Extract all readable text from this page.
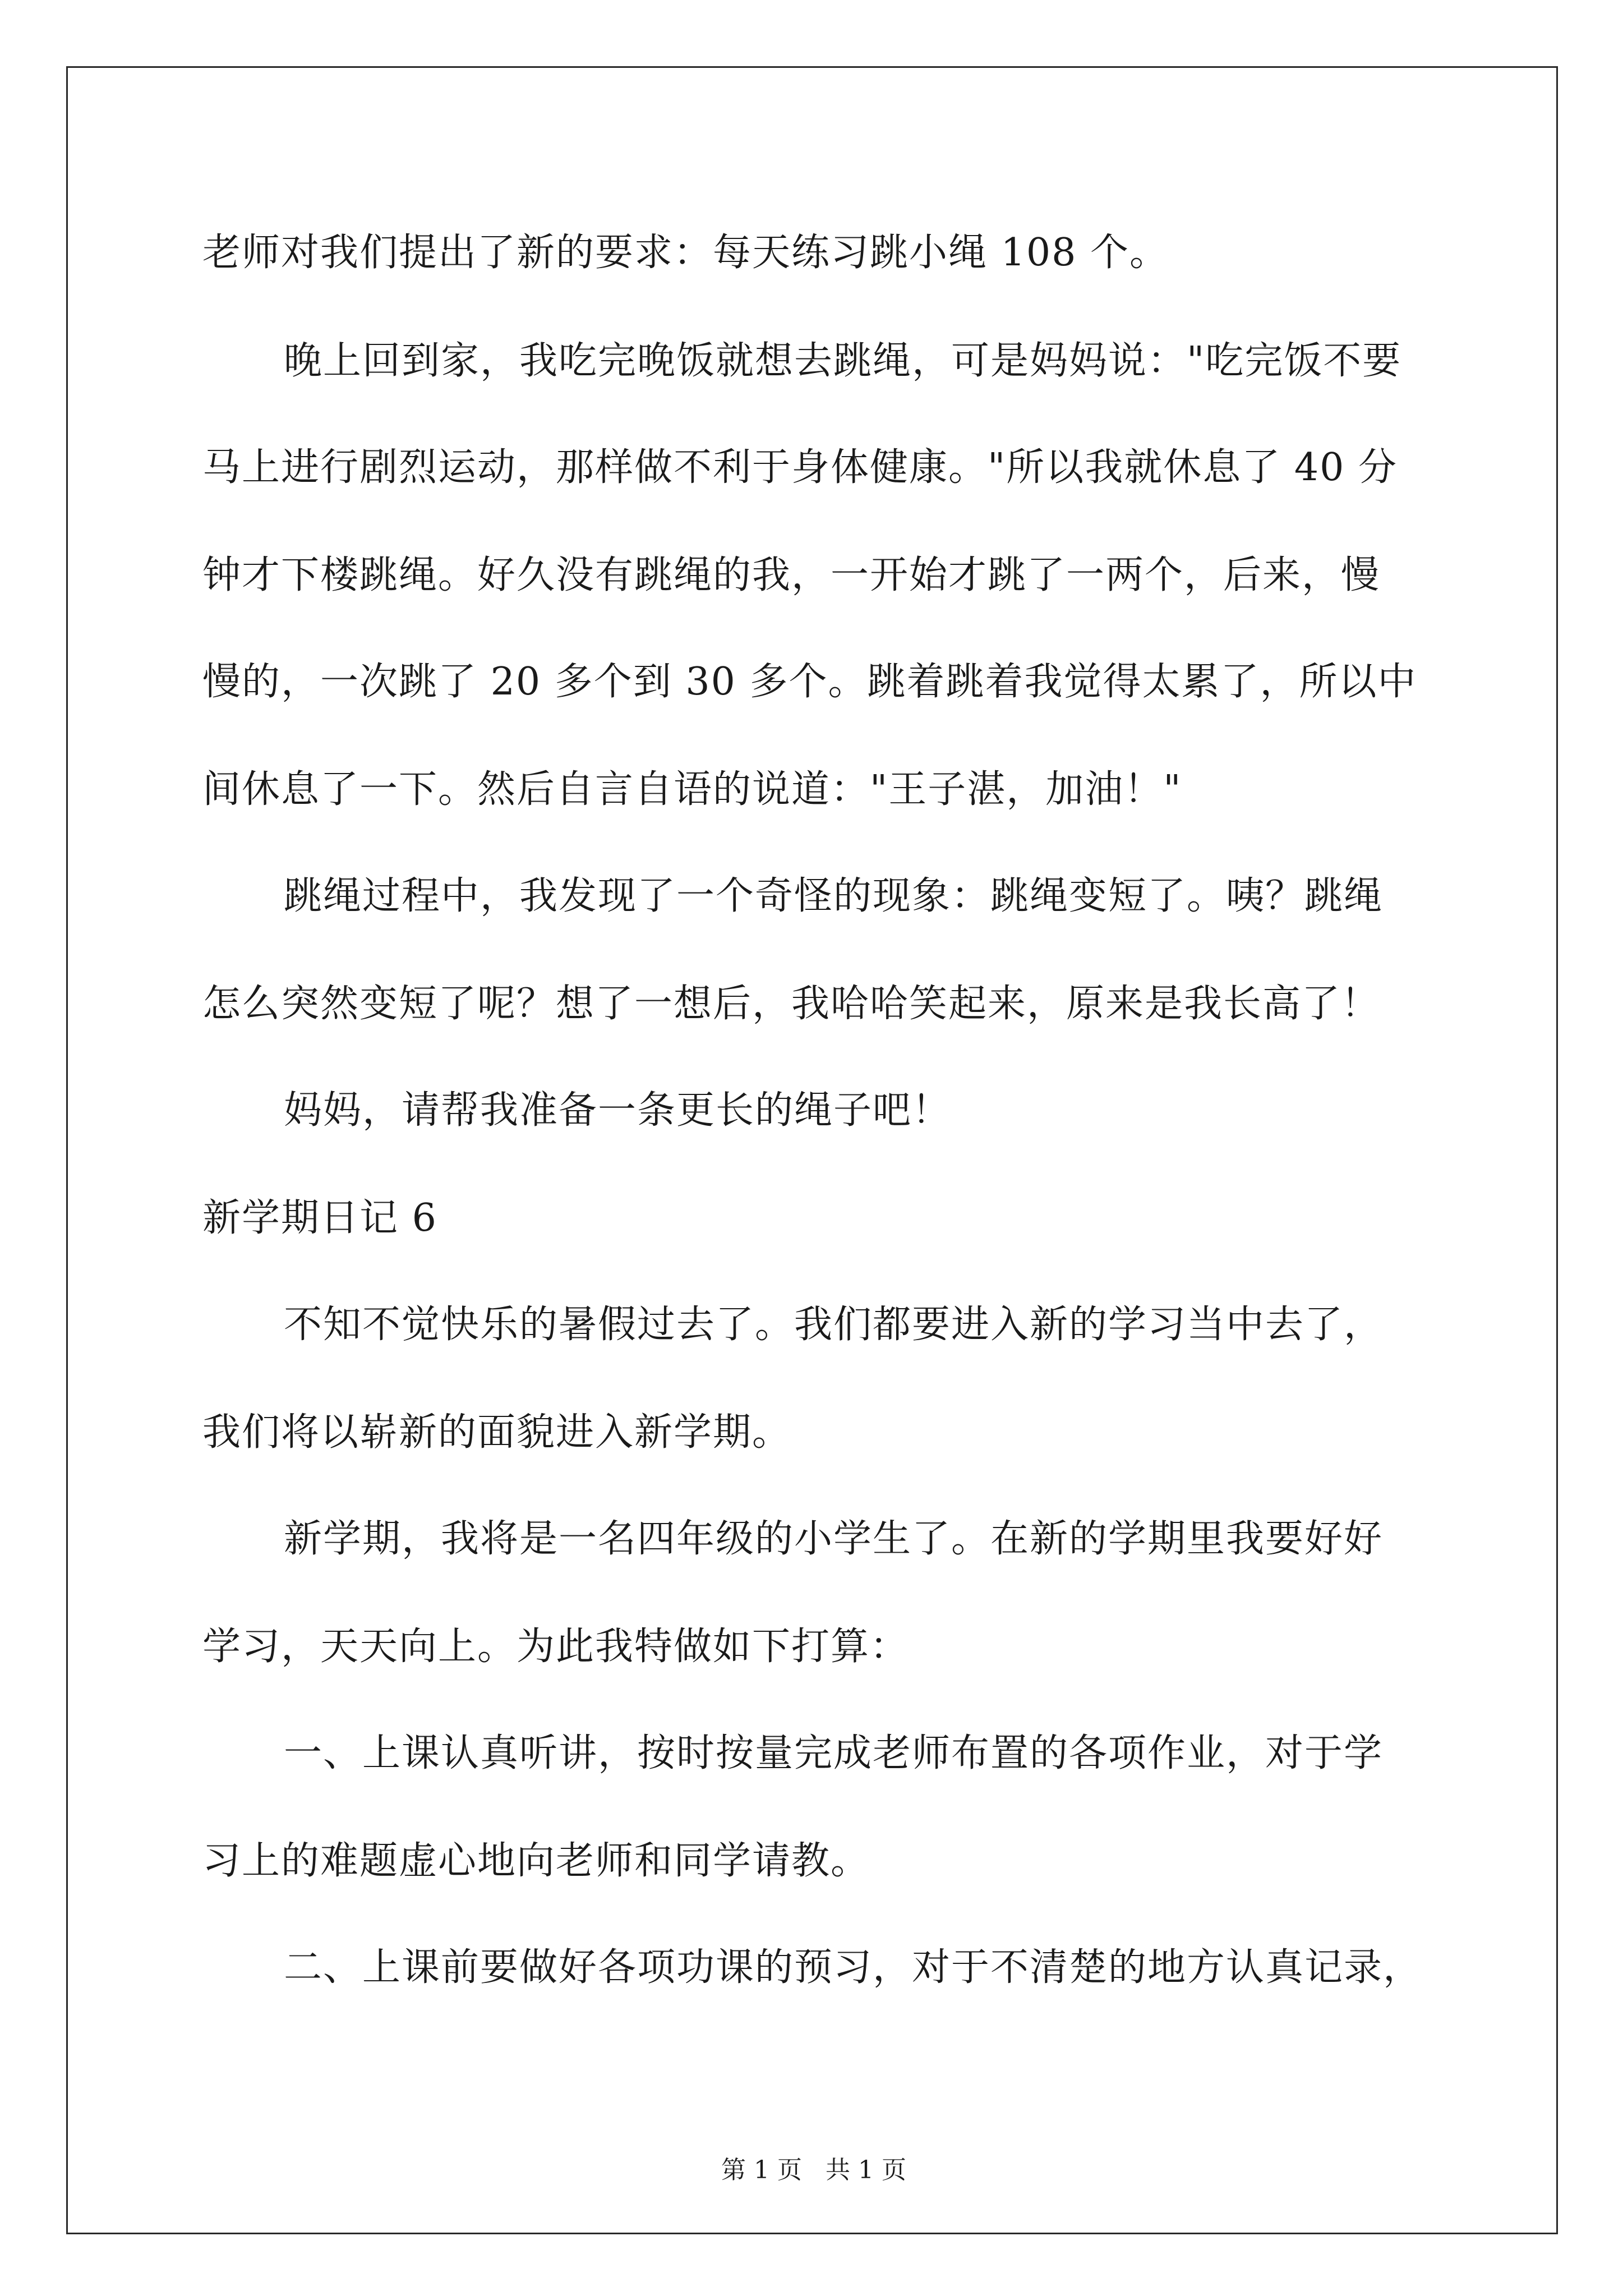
老师对我们提出了新的要求：每天练习跳小绳 108 个。
晚上回到家，我吃完晚饭就想去跳绳，可是妈妈说："吃完饭不要
马上进行剧烈运动，那样做不利于身体健康。"所以我就休息了 40 分
钟才下楼跳绳。好久没有跳绳的我，一开始才跳了一两个，后来，慢
慢的，一次跳了 20 多个到 30 多个。跳着跳着我觉得太累了，所以中
间休息了一下。然后自言自语的说道："王子湛，加油！"
跳绳过程中，我发现了一个奇怪的现象：跳绳变短了。咦？跳绳
怎么突然变短了呢？想了一想后，我哈哈笑起来，原来是我长高了！
妈妈，请帮我准备一条更长的绳子吧！
新学期日记 6
不知不觉快乐的暑假过去了。我们都要进入新的学习当中去了，
我们将以崭新的面貌进入新学期。
新学期，我将是一名四年级的小学生了。在新的学期里我要好好
学习，天天向上。为此我特做如下打算：
一、上课认真听讲，按时按量完成老师布置的各项作业，对于学
习上的难题虚心地向老师和同学请教。
二、上课前要做好各项功课的预习，对于不清楚的地方认真记录，
第 1 页 共 1 页
